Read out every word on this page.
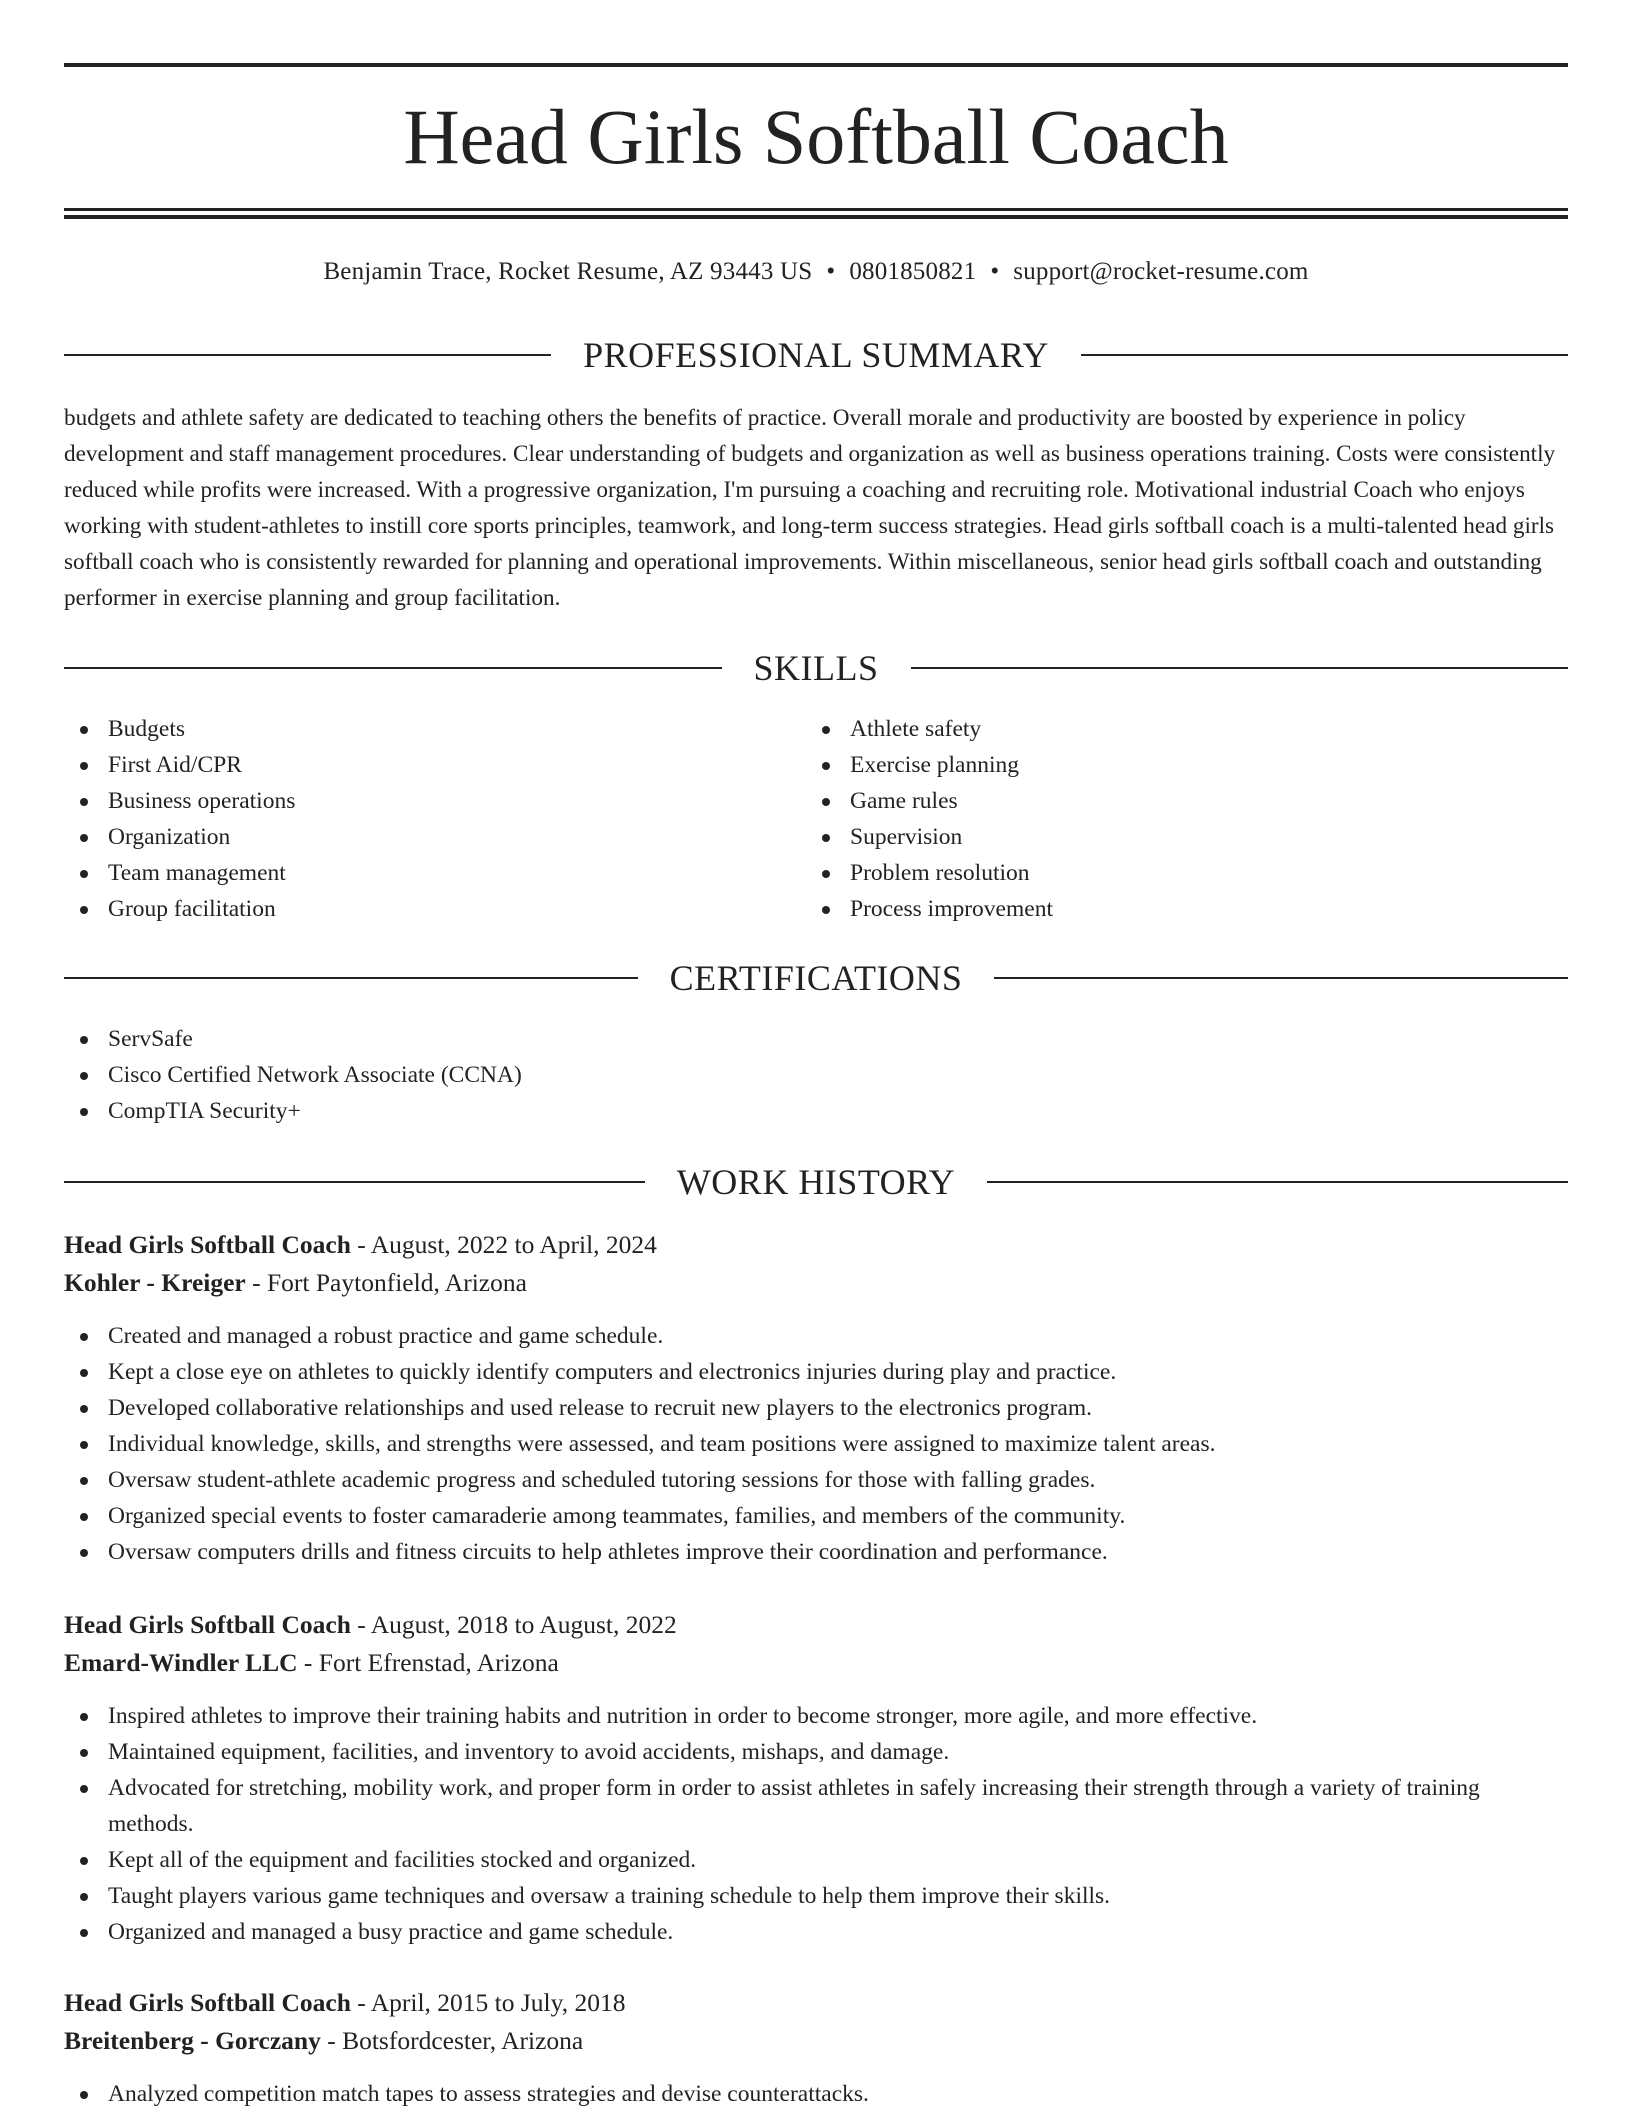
Head Girls Softball Coach
Benjamin Trace, Rocket Resume, AZ 93443 US • 0801850821 • support@rocket-resume.com
PROFESSIONAL SUMMARY

budgets and athlete safety are dedicated to teaching others the benefits of practice. Overall morale and productivity are boosted by experience in policy development and staff management procedures. Clear understanding of budgets and organization as well as business operations training. Costs were consistently reduced while profits were increased. With a progressive organization, I'm pursuing a coaching and recruiting role. Motivational industrial Coach who enjoys working with student-athletes to instill core sports principles, teamwork, and long-term success strategies. Head girls softball coach is a multi-talented head girls softball coach who is consistently rewarded for planning and operational improvements. Within miscellaneous, senior head girls softball coach and outstanding performer in exercise planning and group facilitation.

SKILLS
Budgets
First Aid/CPR
Business operations
Organization
Team management
Group facilitation
Athlete safety
Exercise planning
Game rules
Supervision
Problem resolution
Process improvement
CERTIFICATIONS
ServSafe
Cisco Certified Network Associate (CCNA)
CompTIA Security+
WORK HISTORY
Head Girls Softball Coach - August, 2022 to April, 2024
Kohler - Kreiger - Fort Paytonfield, Arizona
Created and managed a robust practice and game schedule.
Kept a close eye on athletes to quickly identify computers and electronics injuries during play and practice.
Developed collaborative relationships and used release to recruit new players to the electronics program.
Individual knowledge, skills, and strengths were assessed, and team positions were assigned to maximize talent areas.
Oversaw student-athlete academic progress and scheduled tutoring sessions for those with falling grades.
Organized special events to foster camaraderie among teammates, families, and members of the community.
Oversaw computers drills and fitness circuits to help athletes improve their coordination and performance.
Head Girls Softball Coach - August, 2018 to August, 2022
Emard-Windler LLC - Fort Efrenstad, Arizona
Inspired athletes to improve their training habits and nutrition in order to become stronger, more agile, and more effective.
Maintained equipment, facilities, and inventory to avoid accidents, mishaps, and damage.
Advocated for stretching, mobility work, and proper form in order to assist athletes in safely increasing their strength through a variety of training methods.
Kept all of the equipment and facilities stocked and organized.
Taught players various game techniques and oversaw a training schedule to help them improve their skills.
Organized and managed a busy practice and game schedule.
Head Girls Softball Coach - April, 2015 to July, 2018
Breitenberg - Gorczany - Botsfordcester, Arizona
Analyzed competition match tapes to assess strategies and devise counterattacks.
